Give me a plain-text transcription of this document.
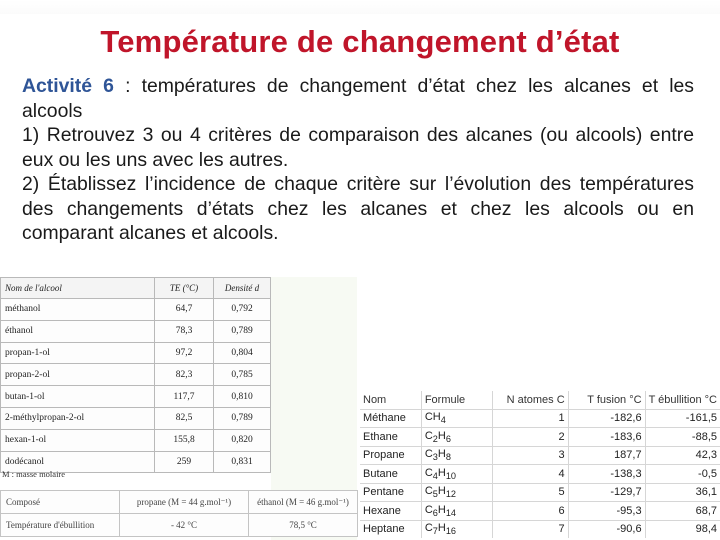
Température de changement d’état

Activité 6 : températures de changement d’état chez les alcanes et les alcools

1) Retrouvez 3 ou 4 critères de comparaison des alcanes (ou alcools) entre eux ou les uns avec les autres.

2) Établissez l’incidence de chaque critère sur l’évolution des températures des changements d’états chez les alcanes et chez les alcools ou en comparant alcanes et alcools.

Nom de l'alcool	TE (°C)	Densité d
méthanol	64,7	0,792
éthanol	78,3	0,789
propan-1-ol	97,2	0,804
propan-2-ol	82,3	0,785
butan-1-ol	117,7	0,810
2-méthylpropan-2-ol	82,5	0,789
hexan-1-ol	155,8	0,820
dodécanol	259	0,831
M : masse molaire
Composé	propane (M = 44 g.mol⁻¹)	éthanol (M = 46 g.mol⁻¹)
Température d'ébullition	- 42 °C	78,5 °C
Nom	Formule	N atomes C	T fusion °C	T ébullition °C
Méthane	$CH_4$	1	-182,6	-161,5
Ethane	$C_2H_6$	2	-183,6	-88,5
Propane	$C_3H_8$	3	187,7	42,3
Butane	$C_4H_{10}$	4	-138,3	-0,5
Pentane	$C_5H_{12}$	5	-129,7	36,1
Hexane	$C_6H_{14}$	6	-95,3	68,7
Heptane	$C_7H_{16}$	7	-90,6	98,4
